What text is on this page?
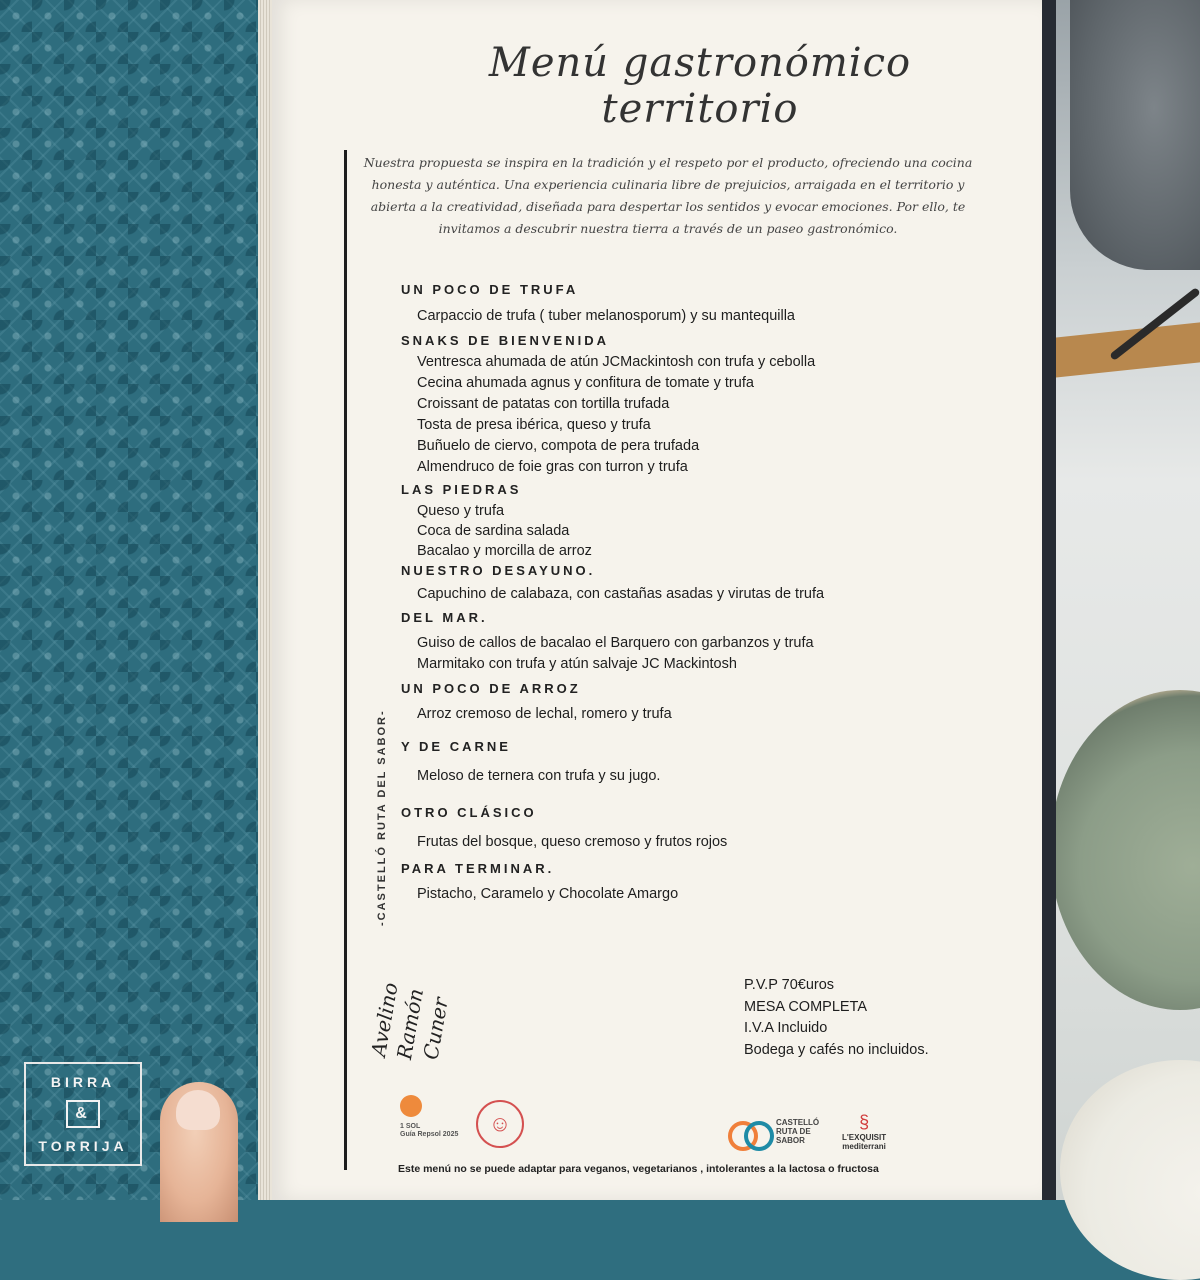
Menú gastronómico territorio
Nuestra propuesta se inspira en la tradición y el respeto por el producto, ofreciendo una cocina honesta y auténtica. Una experiencia culinaria libre de prejuicios, arraigada en el territorio y abierta a la creatividad, diseñada para despertar los sentidos y evocar emociones. Por ello, te invitamos a descubrir nuestra tierra a través de un paseo gastronómico.
UN POCO DE TRUFA
Carpaccio de trufa ( tuber melanosporum) y su mantequilla
SNAKS DE BIENVENIDA
Ventresca ahumada de atún JCMackintosh con trufa y cebolla
Cecina ahumada agnus y confitura de tomate y trufa
Croissant de patatas con tortilla trufada
Tosta de presa ibérica, queso y trufa
Buñuelo de ciervo, compota de pera trufada
Almendruco de foie gras con turron y trufa
LAS PIEDRAS
Queso y trufa
Coca de sardina salada
Bacalao y morcilla de arroz
NUESTRO DESAYUNO.
Capuchino de calabaza, con castañas asadas y virutas de trufa
DEL MAR.
Guiso de callos de bacalao el Barquero con garbanzos y trufa
Marmitako con trufa y atún salvaje JC Mackintosh
UN POCO DE ARROZ
Arroz cremoso de lechal, romero y trufa
Y DE CARNE
Meloso de ternera con trufa y su jugo.
OTRO CLÁSICO
Frutas del bosque, queso cremoso y frutos rojos
PARA TERMINAR.
Pistacho, Caramelo y Chocolate Amargo
-CASTELLÓ RUTA DEL SABOR-
Avelino Ramón
Cuner
P.V.P 70€uros
MESA COMPLETA
I.V.A Incluido
Bodega y cafés no incluidos.
1 SOL
Guía Repsol 2025 ☺	CASTELLÓ
RUTA DE
SABOR
§
L'EXQUISIT
mediterrani
Este menú no se puede adaptar para veganos, vegetarianos , intolerantes a la lactosa o fructosa
BIRRA
&
TORRIJA
